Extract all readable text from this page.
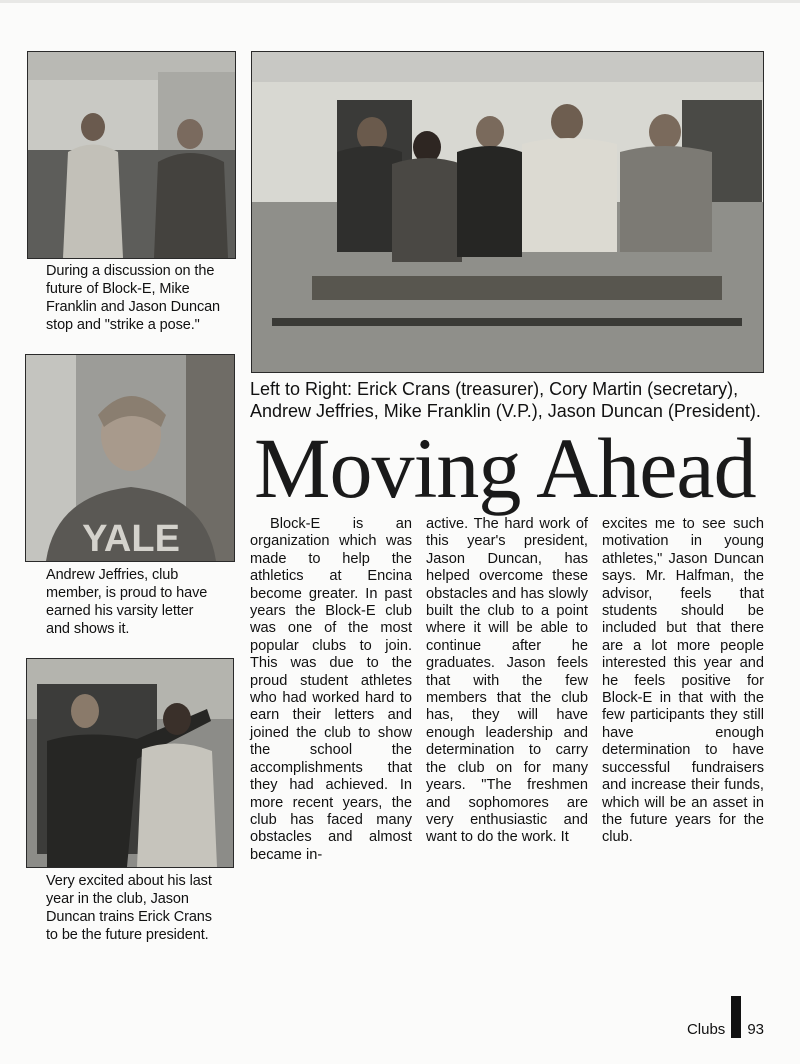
During a discussion on the future of Block-E, Mike Franklin and Jason Duncan stop and "strike a pose."
Left to Right: Erick Crans (treasurer), Cory Martin (secretary), Andrew Jeffries, Mike Franklin (V.P.), Jason Duncan (President).
YALE
Andrew Jeffries, club member, is proud to have earned his varsity letter and shows it.
Very excited about his last year in the club, Jason Duncan trains Erick Crans to be the future president.
Moving Ahead

Block-E is an organization which was made to help the athletics at Encina become greater. In past years the Block-E club was one of the most popular clubs to join. This was due to the proud student athletes who had worked hard to earn their letters and joined the club to show the school the accomplishments that they had achieved. In more recent years, the club has faced many obstacles and almost became in-

active. The hard work of this year's president, Jason Duncan, has helped overcome these obstacles and has slowly built the club to a point where it will be able to continue after he graduates. Jason feels that with the few members that the club has, they will have enough leadership and determination to carry the club on for many years. "The freshmen and sophomores are very enthusiastic and want to do the work. It

excites me to see such motivation in young athletes," Jason Duncan says. Mr. Halfman, the advisor, feels that students should be included but that there are a lot more people interested this year and he feels positive for Block-E in that with the few participants they still have enough determination to have successful fundraisers and increase their funds, which will be an asset in the future years for the club.

Clubs 93
